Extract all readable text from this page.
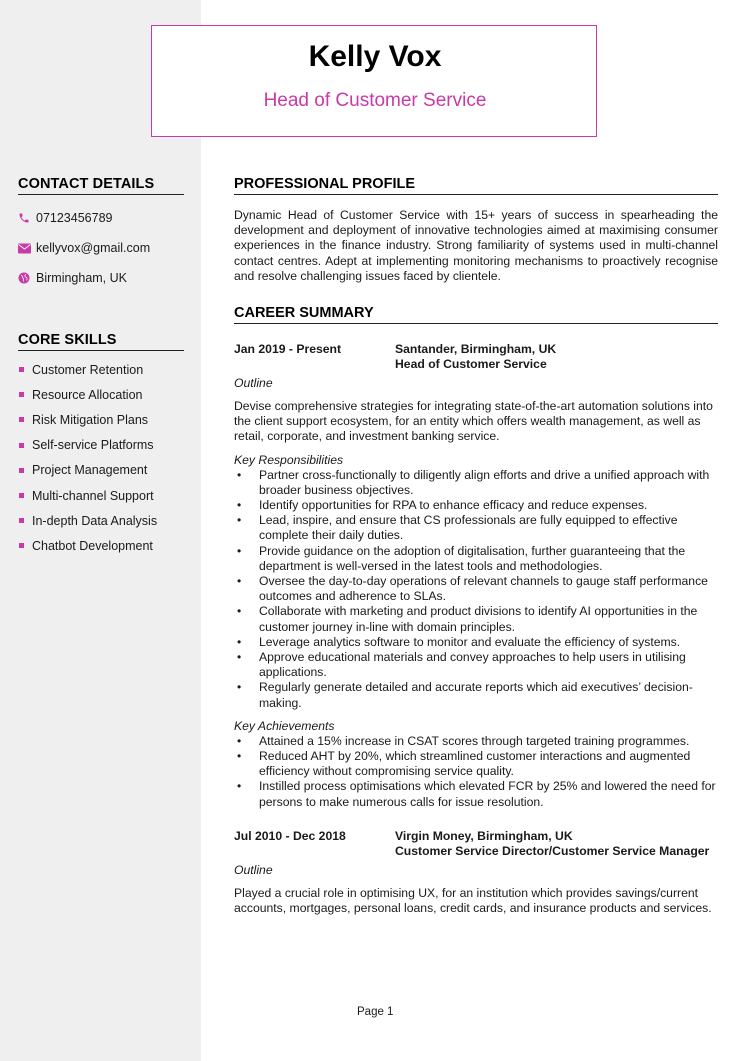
Kelly Vox
Head of Customer Service
CONTACT DETAILS
07123456789
kellyvox@gmail.com
Birmingham, UK
CORE SKILLS
Customer Retention
Resource Allocation
Risk Mitigation Plans
Self-service Platforms
Project Management
Multi-channel Support
In-depth Data Analysis
Chatbot Development
PROFESSIONAL PROFILE

Dynamic Head of Customer Service with 15+ years of success in spearheading the development and deployment of innovative technologies aimed at maximising consumer experiences in the finance industry. Strong familiarity of systems used in multi-channel contact centres. Adept at implementing monitoring mechanisms to proactively recognise and resolve challenging issues faced by clientele.

CAREER SUMMARY
Jan 2019 - Present	Santander, Birmingham, UK
Head of Customer Service
Outline

Devise comprehensive strategies for integrating state-of-the-art automation solutions into the client support ecosystem, for an entity which offers wealth management, as well as retail, corporate, and investment banking service.

Key Responsibilities
• Partner cross-functionally to diligently align efforts and drive a unified approach with broader business objectives.
• Identify opportunities for RPA to enhance efficacy and reduce expenses.
• Lead, inspire, and ensure that CS professionals are fully equipped to effective complete their daily duties.
• Provide guidance on the adoption of digitalisation, further guaranteeing that the department is well-versed in the latest tools and methodologies.
• Oversee the day-to-day operations of relevant channels to gauge staff performance outcomes and adherence to SLAs.
• Collaborate with marketing and product divisions to identify AI opportunities in the customer journey in-line with domain principles.
• Leverage analytics software to monitor and evaluate the efficiency of systems.
• Approve educational materials and convey approaches to help users in utilising applications.
• Regularly generate detailed and accurate reports which aid executives’ decision-making.
Key Achievements
• Attained a 15% increase in CSAT scores through targeted training programmes.
• Reduced AHT by 20%, which streamlined customer interactions and augmented efficiency without compromising service quality.
• Instilled process optimisations which elevated FCR by 25% and lowered the need for persons to make numerous calls for issue resolution.
Jul 2010 - Dec 2018	Virgin Money, Birmingham, UK
Customer Service Director/Customer Service Manager
Outline

Played a crucial role in optimising UX, for an institution which provides savings/current accounts, mortgages, personal loans, credit cards, and insurance products and services.

Page 1
